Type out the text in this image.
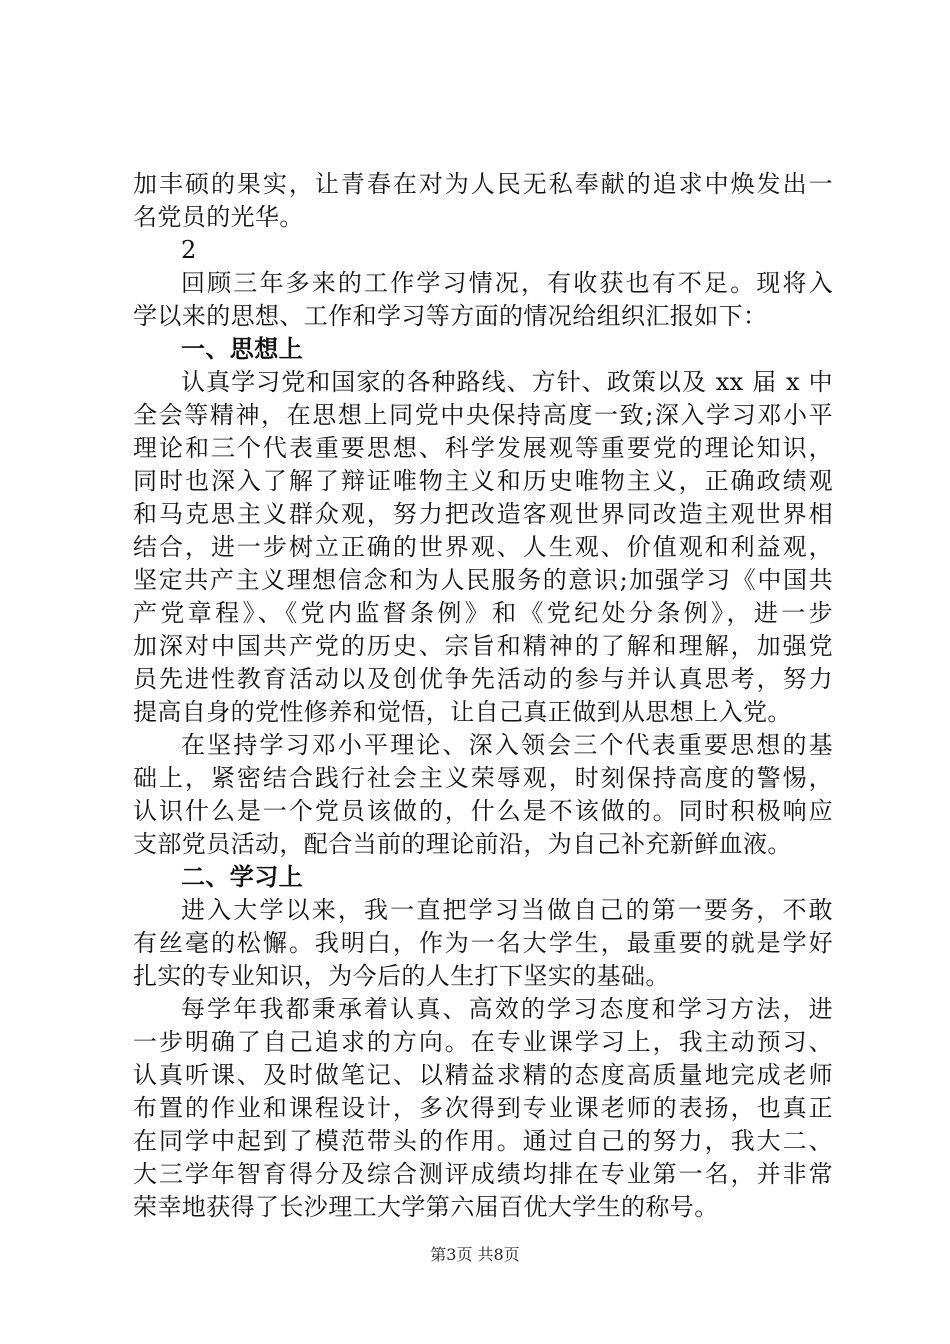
加丰硕的果实，让青春在对为人民无私奉献的追求中焕发出一
名党员的光华。
2
回顾三年多来的工作学习情况，有收获也有不足。现将入
学以来的思想、工作和学习等方面的情况给组织汇报如下：
一、思想上
认真学习党和国家的各种路线、方针、政策以及 xx 届 x 中
全会等精神，在思想上同党中央保持高度一致;深入学习邓小平
理论和三个代表重要思想、科学发展观等重要党的理论知识，
同时也深入了解了辩证唯物主义和历史唯物主义，正确政绩观
和马克思主义群众观，努力把改造客观世界同改造主观世界相
结合，进一步树立正确的世界观、人生观、价值观和利益观，
坚定共产主义理想信念和为人民服务的意识;加强学习《中国共
产党章程》、《党内监督条例》和《党纪处分条例》，进一步
加深对中国共产党的历史、宗旨和精神的了解和理解，加强党
员先进性教育活动以及创优争先活动的参与并认真思考，努力
提高自身的党性修养和觉悟，让自己真正做到从思想上入党。
在坚持学习邓小平理论、深入领会三个代表重要思想的基
础上，紧密结合践行社会主义荣辱观，时刻保持高度的警惕，
认识什么是一个党员该做的，什么是不该做的。同时积极响应
支部党员活动，配合当前的理论前沿，为自己补充新鲜血液。
二、学习上
进入大学以来，我一直把学习当做自己的第一要务，不敢
有丝毫的松懈。我明白，作为一名大学生，最重要的就是学好
扎实的专业知识，为今后的人生打下坚实的基础。
每学年我都秉承着认真、高效的学习态度和学习方法，进
一步明确了自己追求的方向。在专业课学习上，我主动预习、
认真听课、及时做笔记、以精益求精的态度高质量地完成老师
布置的作业和课程设计，多次得到专业课老师的表扬，也真正
在同学中起到了模范带头的作用。通过自己的努力，我大二、
大三学年智育得分及综合测评成绩均排在专业第一名，并非常
荣幸地获得了长沙理工大学第六届百优大学生的称号。
第3页 共8页
